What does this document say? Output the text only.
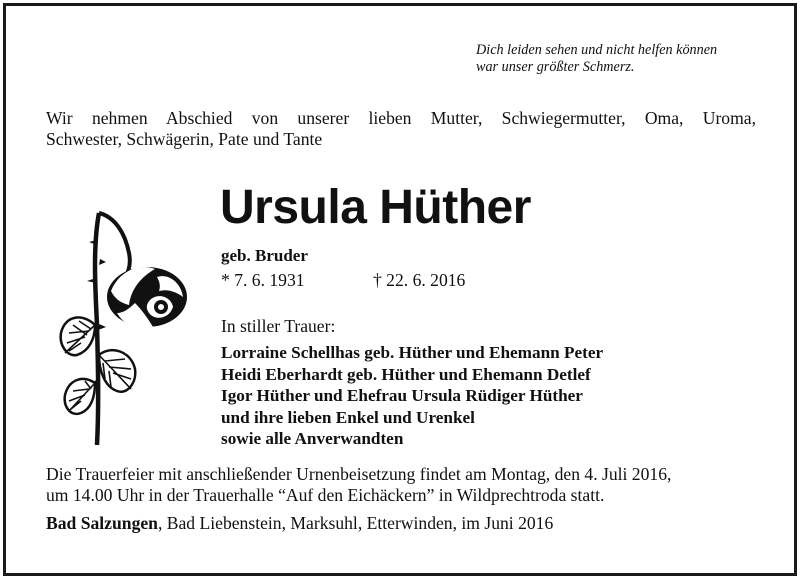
Dich leiden sehen und nicht helfen können
war unser größter Schmerz.
Wir nehmen Abschied von unserer lieben Mutter, Schwiegermutter, Oma, Uroma,
Schwester, Schwägerin, Pate und Tante
Ursula Hüther
geb. Bruder
* 7. 6. 1931	† 22. 6. 2016
In stiller Trauer:
Lorraine Schellhas geb. Hüther und Ehemann Peter
Heidi Eberhardt geb. Hüther und Ehemann Detlef
Igor Hüther und Ehefrau Ursula Rüdiger Hüther
und ihre lieben Enkel und Urenkel
sowie alle Anverwandten
Die Trauerfeier mit anschließender Urnenbeisetzung findet am Montag, den 4. Juli 2016,
um 14.00 Uhr in der Trauerhalle “Auf den Eichäckern” in Wildprechtroda statt.
Bad Salzungen, Bad Liebenstein, Marksuhl, Etterwinden, im Juni 2016
